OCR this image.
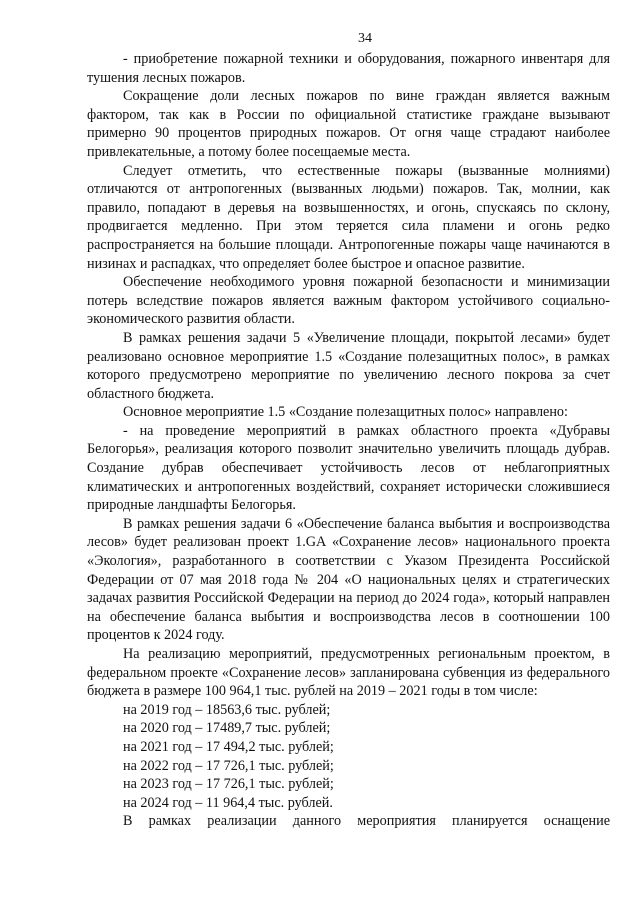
34

- приобретение пожарной техники и оборудования, пожарного инвентаря для тушения лесных пожаров.

Сокращение доли лесных пожаров по вине граждан является важным фактором, так как в России по официальной статистике граждане вызывают примерно 90 процентов природных пожаров. От огня чаще страдают наиболее привлекательные, а потому более посещаемые места.

Следует отметить, что естественные пожары (вызванные молниями) отличаются от антропогенных (вызванных людьми) пожаров. Так, молнии, как правило, попадают в деревья на возвышенностях, и огонь, спускаясь по склону, продвигается медленно. При этом теряется сила пламени и огонь редко распространяется на большие площади. Антропогенные пожары чаще начинаются в низинах и распадках, что определяет более быстрое и опасное развитие.

Обеспечение необходимого уровня пожарной безопасности и минимизации потерь вследствие пожаров является важным фактором устойчивого социально-экономического развития области.

В рамках решения задачи 5 «Увеличение площади, покрытой лесами» будет реализовано основное мероприятие 1.5 «Создание полезащитных полос», в рамках которого предусмотрено мероприятие по увеличению лесного покрова за счет областного бюджета.

Основное мероприятие 1.5 «Создание полезащитных полос» направлено:

- на проведение мероприятий в рамках областного проекта «Дубравы Белогорья», реализация которого позволит значительно увеличить площадь дубрав. Создание дубрав обеспечивает устойчивость лесов от неблагоприятных климатических и антропогенных воздействий, сохраняет исторически сложившиеся природные ландшафты Белогорья.

В рамках решения задачи 6 «Обеспечение баланса выбытия и воспроизводства лесов» будет реализован проект 1.GA «Сохранение лесов» национального проекта «Экология», разработанного в соответствии с Указом Президента Российской Федерации от 07 мая 2018 года № 204 «О национальных целях и стратегических задачах развития Российской Федерации на период до 2024 года», который направлен на обеспечение баланса выбытия и воспроизводства лесов в соотношении 100 процентов к 2024 году.

На реализацию мероприятий, предусмотренных региональным проектом, в федеральном проекте «Сохранение лесов» запланирована субвенция из федерального бюджета в размере 100 964,1 тыс. рублей на 2019 – 2021 годы в том числе:

на 2019 год – 18563,6 тыс. рублей;

на 2020 год – 17489,7 тыс. рублей;

на 2021 год – 17 494,2 тыс. рублей;

на 2022 год – 17 726,1 тыс. рублей;

на 2023 год – 17 726,1 тыс. рублей;

на 2024 год – 11 964,4 тыс. рублей.

В рамках реализации данного мероприятия планируется оснащение
